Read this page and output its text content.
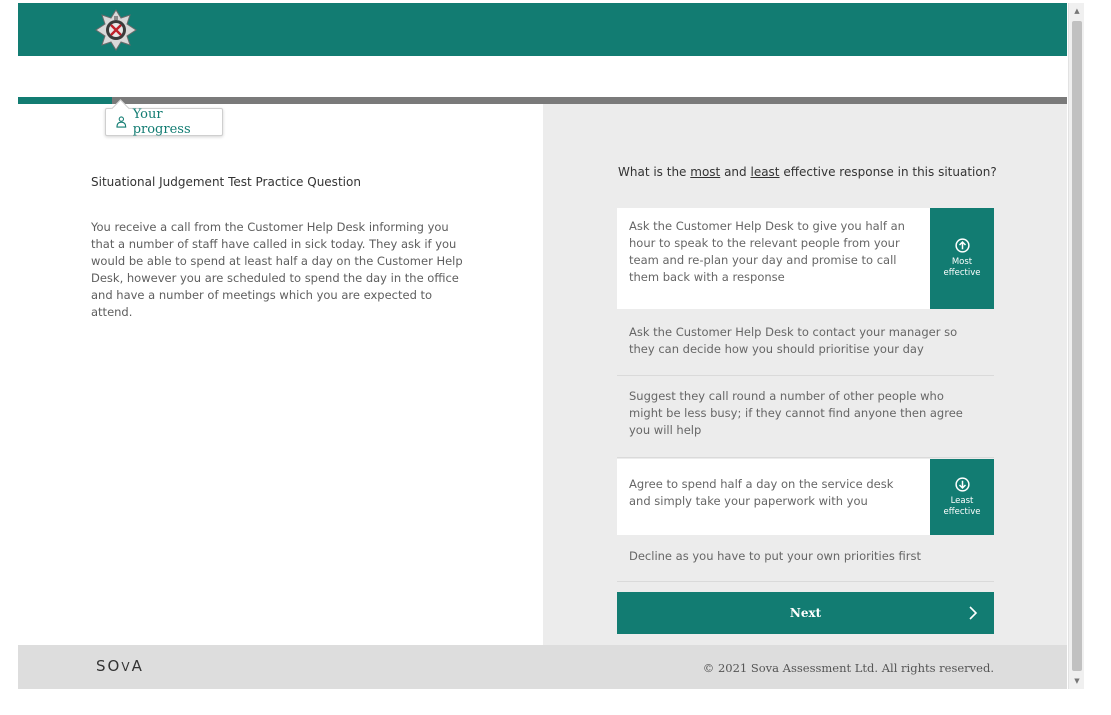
Situational Judgement Test Practice Question
You receive a call from the Customer Help Desk informing you that a number of staff have called in sick today. They ask if you would be able to spend at least half a day on the Customer Help Desk, however you are scheduled to spend the day in the office and have a number of meetings which you are expected to attend.
Your progress
What is the most and least effective response in this situation?
Ask the Customer Help Desk to give you half an hour to speak to the relevant people from your team and re-plan your day and promise to call them back with a response
Most
effective
Ask the Customer Help Desk to contact your manager so they can decide how you should prioritise your day
Suggest they call round a number of other people who might be less busy; if they cannot find anyone then agree you will help
Agree to spend half a day on the service desk and simply take your paperwork with you	Least
effective
Decline as you have to put your own priorities first
Next
SOVA	© 2021 Sova Assessment Ltd. All rights reserved.
▲
▼
